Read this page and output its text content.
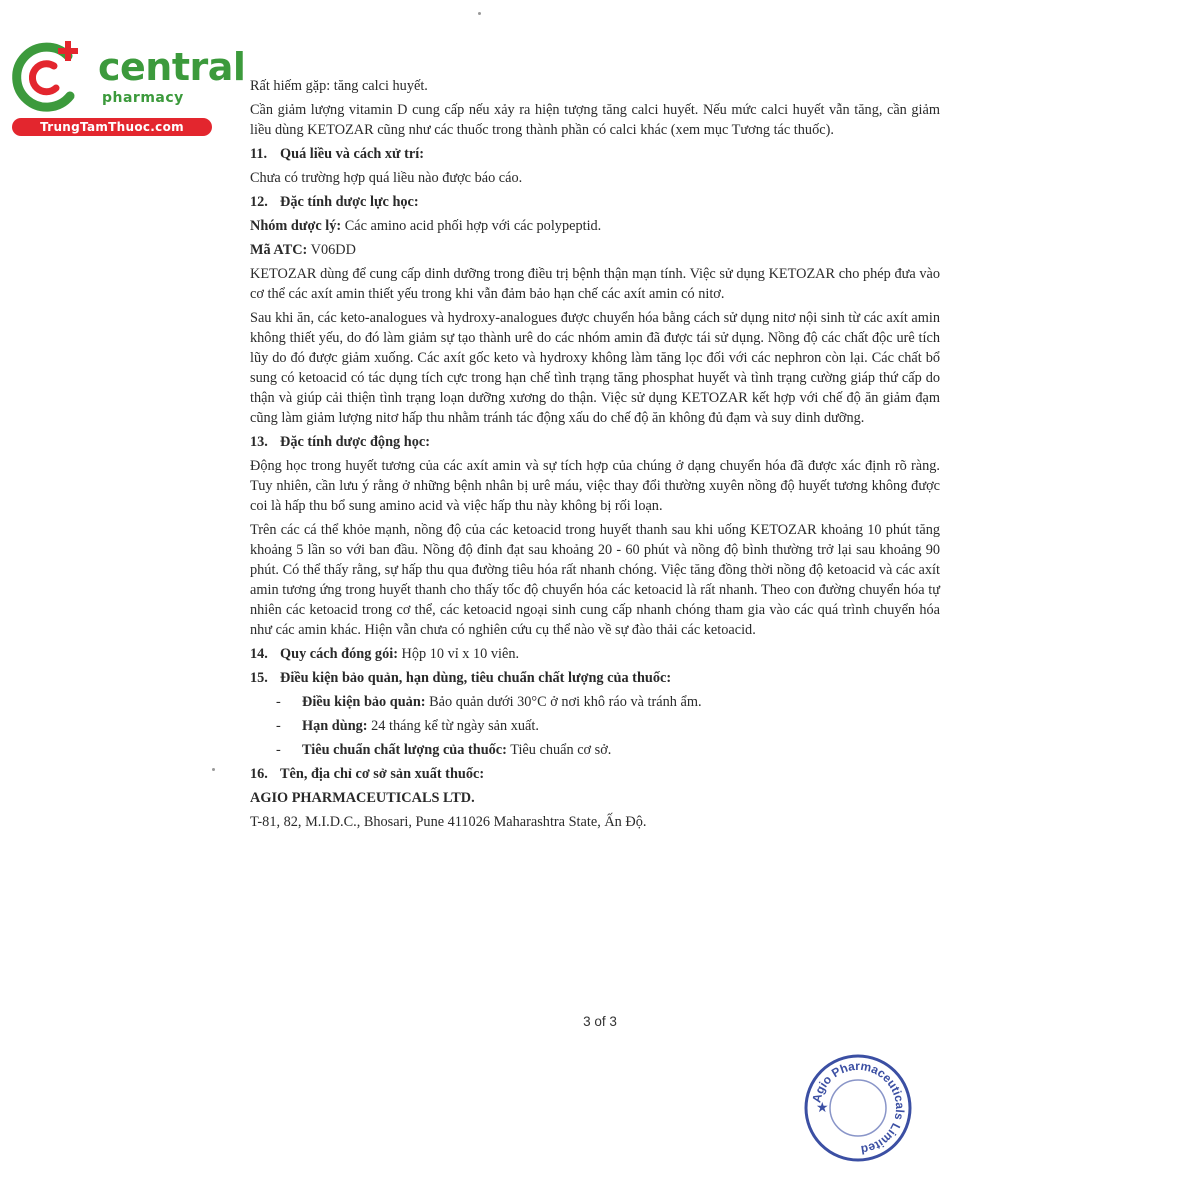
central
pharmacy
TrungTamThuoc.com

Rất hiếm gặp: tăng calci huyết.

Cần giảm lượng vitamin D cung cấp nếu xảy ra hiện tượng tăng calci huyết. Nếu mức calci huyết vẫn tăng, cần giảm liều dùng KETOZAR cũng như các thuốc trong thành phần có calci khác (xem mục Tương tác thuốc).

11. Quá liều và cách xử trí:

Chưa có trường hợp quá liều nào được báo cáo.

12. Đặc tính dược lực học:

Nhóm dược lý: Các amino acid phối hợp với các polypeptid.

Mã ATC: V06DD

KETOZAR dùng để cung cấp dinh dưỡng trong điều trị bệnh thận mạn tính. Việc sử dụng KETOZAR cho phép đưa vào cơ thể các axít amin thiết yếu trong khi vẫn đảm bảo hạn chế các axít amin có nitơ.

Sau khi ăn, các keto-analogues và hydroxy-analogues được chuyển hóa bằng cách sử dụng nitơ nội sinh từ các axít amin không thiết yếu, do đó làm giảm sự tạo thành urê do các nhóm amin đã được tái sử dụng. Nồng độ các chất độc urê tích lũy do đó được giảm xuống. Các axít gốc keto và hydroxy không làm tăng lọc đối với các nephron còn lại. Các chất bổ sung có ketoacid có tác dụng tích cực trong hạn chế tình trạng tăng phosphat huyết và tình trạng cường giáp thứ cấp do thận và giúp cải thiện tình trạng loạn dưỡng xương do thận. Việc sử dụng KETOZAR kết hợp với chế độ ăn giảm đạm cũng làm giảm lượng nitơ hấp thu nhằm tránh tác động xấu do chế độ ăn không đủ đạm và suy dinh dưỡng.

13. Đặc tính dược động học:

Động học trong huyết tương của các axít amin và sự tích hợp của chúng ở dạng chuyển hóa đã được xác định rõ ràng. Tuy nhiên, cần lưu ý rằng ở những bệnh nhân bị urê máu, việc thay đổi thường xuyên nồng độ huyết tương không được coi là hấp thu bổ sung amino acid và việc hấp thu này không bị rối loạn.

Trên các cá thể khỏe mạnh, nồng độ của các ketoacid trong huyết thanh sau khi uống KETOZAR khoảng 10 phút tăng khoảng 5 lần so với ban đầu. Nồng độ đỉnh đạt sau khoảng 20 - 60 phút và nồng độ bình thường trở lại sau khoảng 90 phút. Có thể thấy rằng, sự hấp thu qua đường tiêu hóa rất nhanh chóng. Việc tăng đồng thời nồng độ ketoacid và các axít amin tương ứng trong huyết thanh cho thấy tốc độ chuyển hóa các ketoacid là rất nhanh. Theo con đường chuyển hóa tự nhiên các ketoacid trong cơ thể, các ketoacid ngoại sinh cung cấp nhanh chóng tham gia vào các quá trình chuyển hóa như các amin khác. Hiện vẫn chưa có nghiên cứu cụ thể nào về sự đào thải các ketoacid.

14. Quy cách đóng gói: Hộp 10 vỉ x 10 viên.
15. Điều kiện bảo quản, hạn dùng, tiêu chuẩn chất lượng của thuốc:
- Điều kiện bảo quản: Bảo quản dưới 30°C ở nơi khô ráo và tránh ẩm.
- Hạn dùng: 24 tháng kể từ ngày sản xuất.
- Tiêu chuẩn chất lượng của thuốc: Tiêu chuẩn cơ sở.
16. Tên, địa chỉ cơ sở sản xuất thuốc:

AGIO PHARMACEUTICALS LTD.

T-81, 82, M.I.D.C., Bhosari, Pune 411026 Maharashtra State, Ấn Độ.

3 of 3
Agio Pharmaceuticals Limited
★
